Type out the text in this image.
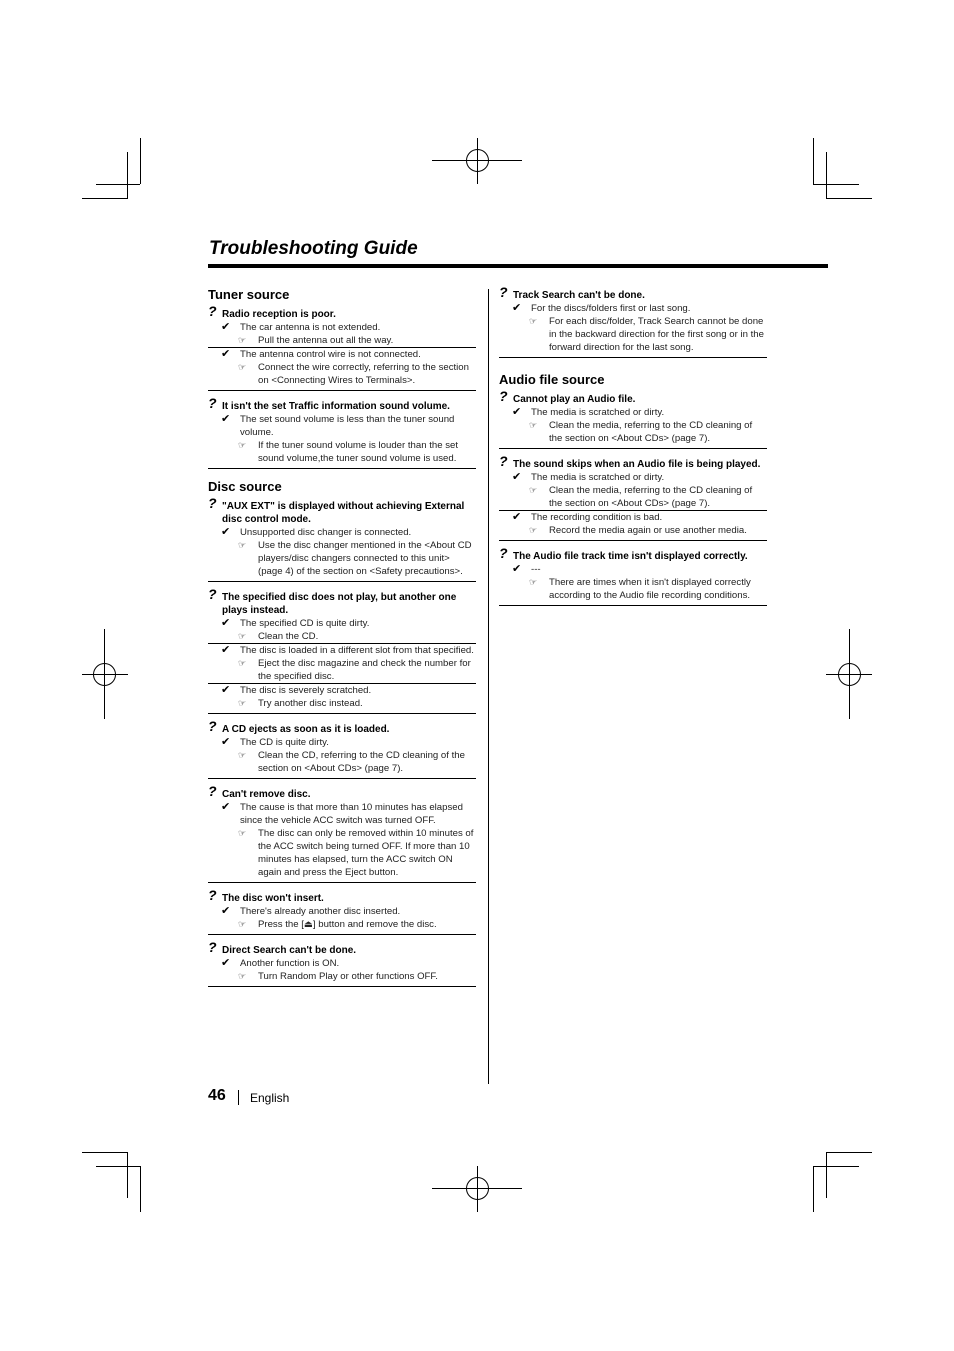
Troubleshooting Guide
Tuner source
? Radio reception is poor.
✔ The car antenna is not extended.
☞ Pull the antenna out all the way.
✔ The antenna control wire is not connected.
☞ Connect the wire correctly, referring to the section on <Connecting Wires to Terminals>.
? It isn't the set Traffic information sound volume.
✔ The set sound volume is less than the tuner sound volume.
☞ If the tuner sound volume is louder than the set sound volume,the tuner sound volume is used.
Disc source
? "AUX EXT" is displayed without achieving External disc control mode.
✔ Unsupported disc changer is connected.
☞ Use the disc changer mentioned in the <About CD players/disc changers connected to this unit> (page 4) of the section on <Safety precautions>.
? The specified disc does not play, but another one plays instead.
✔ The specified CD is quite dirty.
☞ Clean the CD.
✔ The disc is loaded in a different slot from that specified.
☞ Eject the disc magazine and check the number for the specified disc.
✔ The disc is severely scratched.
☞ Try another disc instead.
? A CD ejects as soon as it is loaded.
✔ The CD is quite dirty.
☞ Clean the CD, referring to the CD cleaning of the section on <About CDs> (page 7).
? Can't remove disc.
✔ The cause is that more than 10 minutes has elapsed since the vehicle ACC switch was turned OFF.
☞ The disc can only be removed within 10 minutes of the ACC switch being turned OFF. If more than 10 minutes has elapsed, turn the ACC switch ON again and press the Eject button.
? The disc won't insert.
✔ There's already another disc inserted.
☞ Press the [⏏] button and remove the disc.
? Direct Search can't be done.
✔ Another function is ON.
☞ Turn Random Play or other functions OFF.
? Track Search can't be done.
✔ For the discs/folders first or last song.
☞ For each disc/folder, Track Search cannot be done in the backward direction for the first song or in the forward direction for the last song.
Audio file source
? Cannot play an Audio file.
✔ The media is scratched or dirty.
☞ Clean the media, referring to the CD cleaning of the section on <About CDs> (page 7).
? The sound skips when an Audio file is being played.
✔ The media is scratched or dirty.
☞ Clean the media, referring to the CD cleaning of the section on <About CDs> (page 7).
✔ The recording condition is bad.
☞ Record the media again or use another media.
? The Audio file track time isn't displayed correctly.
✔ ---
☞ There are times when it isn't displayed correctly according to the Audio file recording conditions.
46 English
